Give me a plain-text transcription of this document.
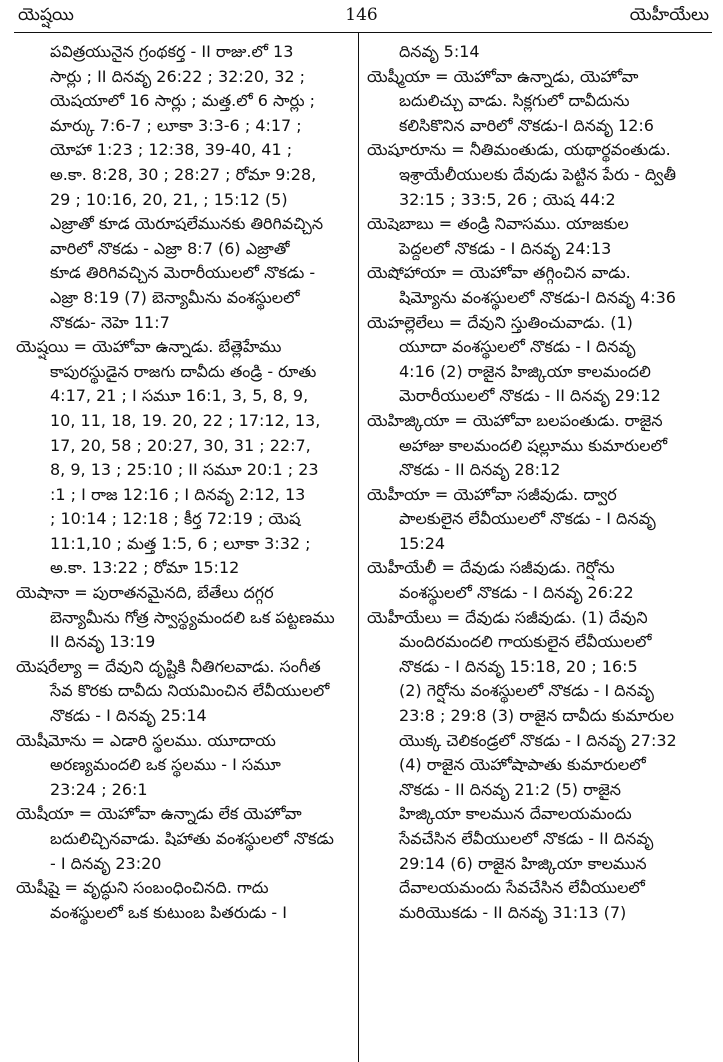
యెష్షయి	146	యెహీయేలు
పవిత్రయునైన గ్రంథకర్త - II రాజు.లో 13
సార్లు ; II దినవృ 26:22 ; 32:20, 32 ;
యెషయాలో 16 సార్లు ; మత్త.లో 6 సార్లు ;
మార్కు 7:6-7 ; లూకా 3:3-6 ; 4:17 ;
యోహా 1:23 ; 12:38, 39-40, 41 ;
అ.కా. 8:28, 30 ; 28:27 ; రోమా 9:28,
29 ; 10:16, 20, 21, ; 15:12 (5)
ఎజ్రాతో కూడ యెరూషలేమునకు తిరిగివచ్చిన
వారిలో నొకడు - ఎజ్రా 8:7 (6) ఎజ్రాతో
కూడ తిరిగివచ్చిన మెరారీయులలో నొకడు -
ఎజ్రా 8:19 (7) బెన్యామీను వంశస్థులలో
నొకడు- నెహె 11:7
యెష్షయి = యెహోవా ఉన్నాడు. బేత్లెహేము
కాపురస్థుడైన రాజగు దావీదు తండ్రి - రూతు
4:17, 21 ; I సమూ 16:1, 3, 5, 8, 9,
10, 11, 18, 19. 20, 22 ; 17:12, 13,
17, 20, 58 ; 20:27, 30, 31 ; 22:7,
8, 9, 13 ; 25:10 ; II సమూ 20:1 ; 23
:1 ; I రాజ 12:16 ; I దినవృ 2:12, 13
; 10:14 ; 12:18 ; కీర్త 72:19 ; యెష
11:1,10 ; మత్త 1:5, 6 ; లూకా 3:32 ;
అ.కా. 13:22 ; రోమా 15:12
యెషానా = పురాతనమైనది, బేతేలు దగ్గర
బెన్యామీను గోత్ర స్వాస్థ్యమందలి ఒక పట్టణము
II దినవృ 13:19
యెషరేల్యా = దేవుని దృష్టికి నీతిగలవాడు. సంగీత
సేవ కొరకు దావీదు నియమించిన లేవీయులలో
నొకడు - I దినవృ 25:14
యెషీమోను = ఎడారి స్థలము. యూదాయ
అరణ్యమందలి ఒక స్థలము - I సమూ
23:24 ; 26:1
యెషీయా = యెహోవా ఉన్నాడు లేక యెహోవా
బదులిచ్చినవాడు. షిహాతు వంశస్థులలో నొకడు
- I దినవృ 23:20
యెషీషై = వృద్ధుని సంబంధించినది. గాదు
వంశస్థులలో ఒక కుటుంబ పితరుడు - I
దినవృ 5:14
యెష్మీయా = యెహోవా ఉన్నాడు, యెహోవా
బదులిచ్చు వాడు. సిక్లగులో దావీదును
కలిసికొనిన వారిలో నొకడు-I దినవృ 12:6
యెషూరూను = నీతిమంతుడు, యథార్థవంతుడు.
ఇశ్రాయేలీయులకు దేవుడు పెట్టిన పేరు - ద్వితీ
32:15 ; 33:5, 26 ; యెష 44:2
యెషెబాబు = తండ్రి నివాసము. యాజకుల
పెద్దలలో నొకడు - I దినవృ 24:13
యెషోహాయా = యెహోవా తగ్గించిన వాడు.
షిమ్యోను వంశస్థులలో నొకడు-I దినవృ 4:36
యెహల్లెలేలు = దేవుని స్తుతించువాడు. (1)
యూదా వంశస్థులలో నొకడు - I దినవృ
4:16 (2) రాజైన హిజ్కియా కాలమందలి
మెరారీయులలో నొకడు - II దినవృ 29:12
యెహిజ్కియా = యెహోవా బలపంతుడు. రాజైన
అహాజు కాలమందలి షల్లూము కుమారులలో
నొకడు - II దినవృ 28:12
యెహీయా = యెహోవా సజీవుడు. ద్వార
పాలకులైన లేవీయులలో నొకడు - I దినవృ
15:24
యెహీయేలీ = దేవుడు సజీవుడు. గెర్షోను
వంశస్థులలో నొకడు - I దినవృ 26:22
యెహీయేలు = దేవుడు సజీవుడు. (1) దేవుని
మందిరమందలి గాయకులైన లేవీయులలో
నొకడు - I దినవృ 15:18, 20 ; 16:5
(2) గెర్షోను వంశస్థులలో నొకడు - I దినవృ
23:8 ; 29:8 (3) రాజైన దావీదు కుమారుల
యొక్క చెలికండ్రలో నొకడు - I దినవృ 27:32
(4) రాజైన యెహోషాపాతు కుమారులలో
నొకడు - II దినవృ 21:2 (5) రాజైన
హిజ్కియా కాలమున దేవాలయమందు
సేవచేసిన లేవీయులలో నొకడు - II దినవృ
29:14 (6) రాజైన హిజ్కియా కాలమున
దేవాలయమందు సేవచేసిన లేవీయులలో
మరియొకడు - II దినవృ 31:13 (7)
